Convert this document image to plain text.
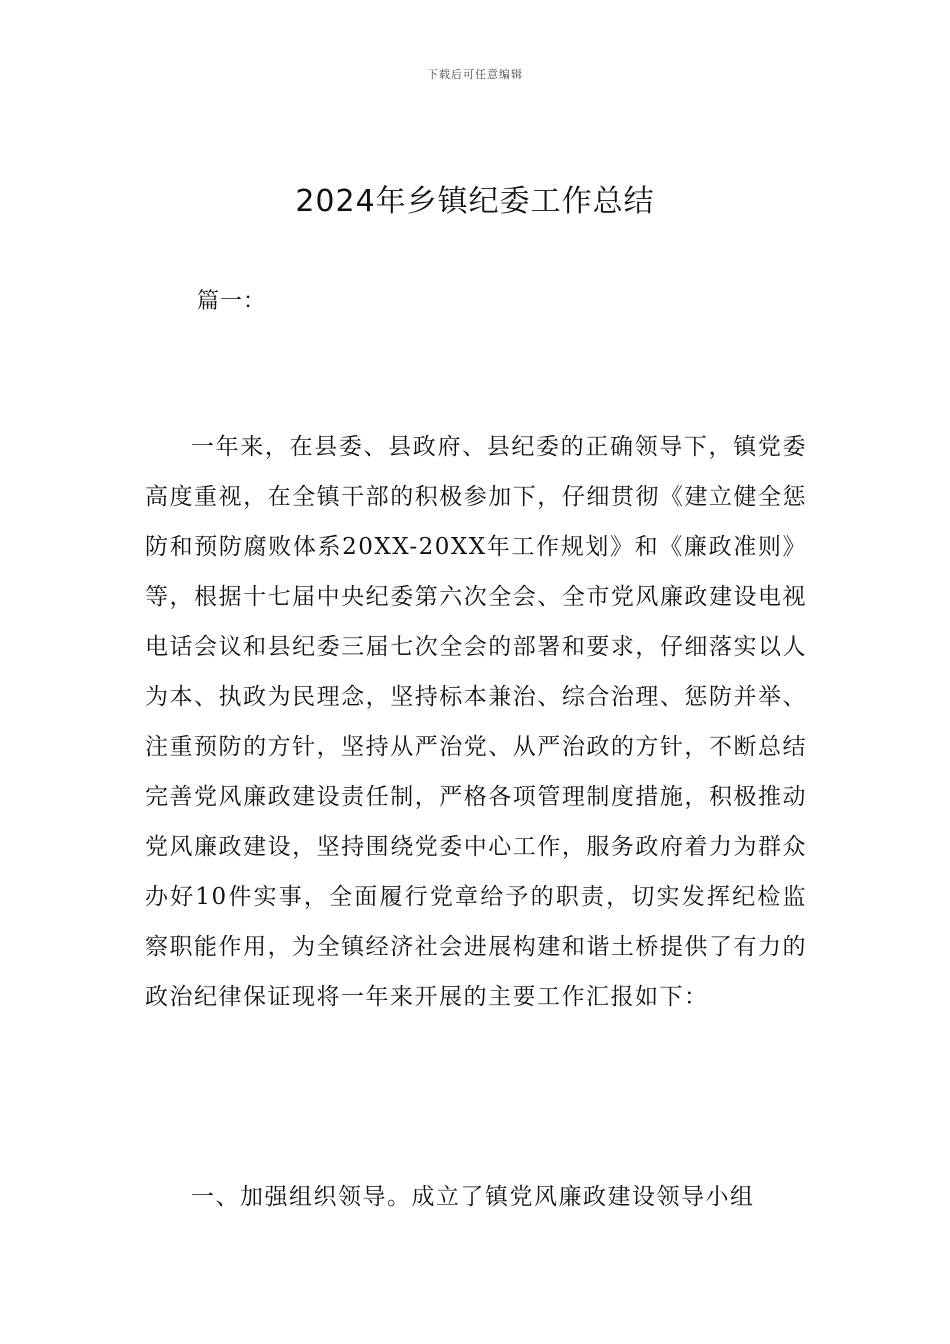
下载后可任意编辑
2024年乡镇纪委工作总结
篇一：

一年来，在县委、县政府、县纪委的正确领导下，镇党委高度重视，在全镇干部的积极参加下，仔细贯彻《建立健全惩防和预防腐败体系20XX-20XX年工作规划》和《廉政准则》等，根据十七届中央纪委第六次全会、全市党风廉政建设电视电话会议和县纪委三届七次全会的部署和要求，仔细落实以人为本、执政为民理念，坚持标本兼治、综合治理、惩防并举、注重预防的方针，坚持从严治党、从严治政的方针，不断总结完善党风廉政建设责任制，严格各项管理制度措施，积极推动党风廉政建设，坚持围绕党委中心工作，服务政府着力为群众办好10件实事，全面履行党章给予的职责，切实发挥纪检监察职能作用，为全镇经济社会进展构建和谐土桥提供了有力的政治纪律保证现将一年来开展的主要工作汇报如下：

一、加强组织领导。成立了镇党风廉政建设领导小组
